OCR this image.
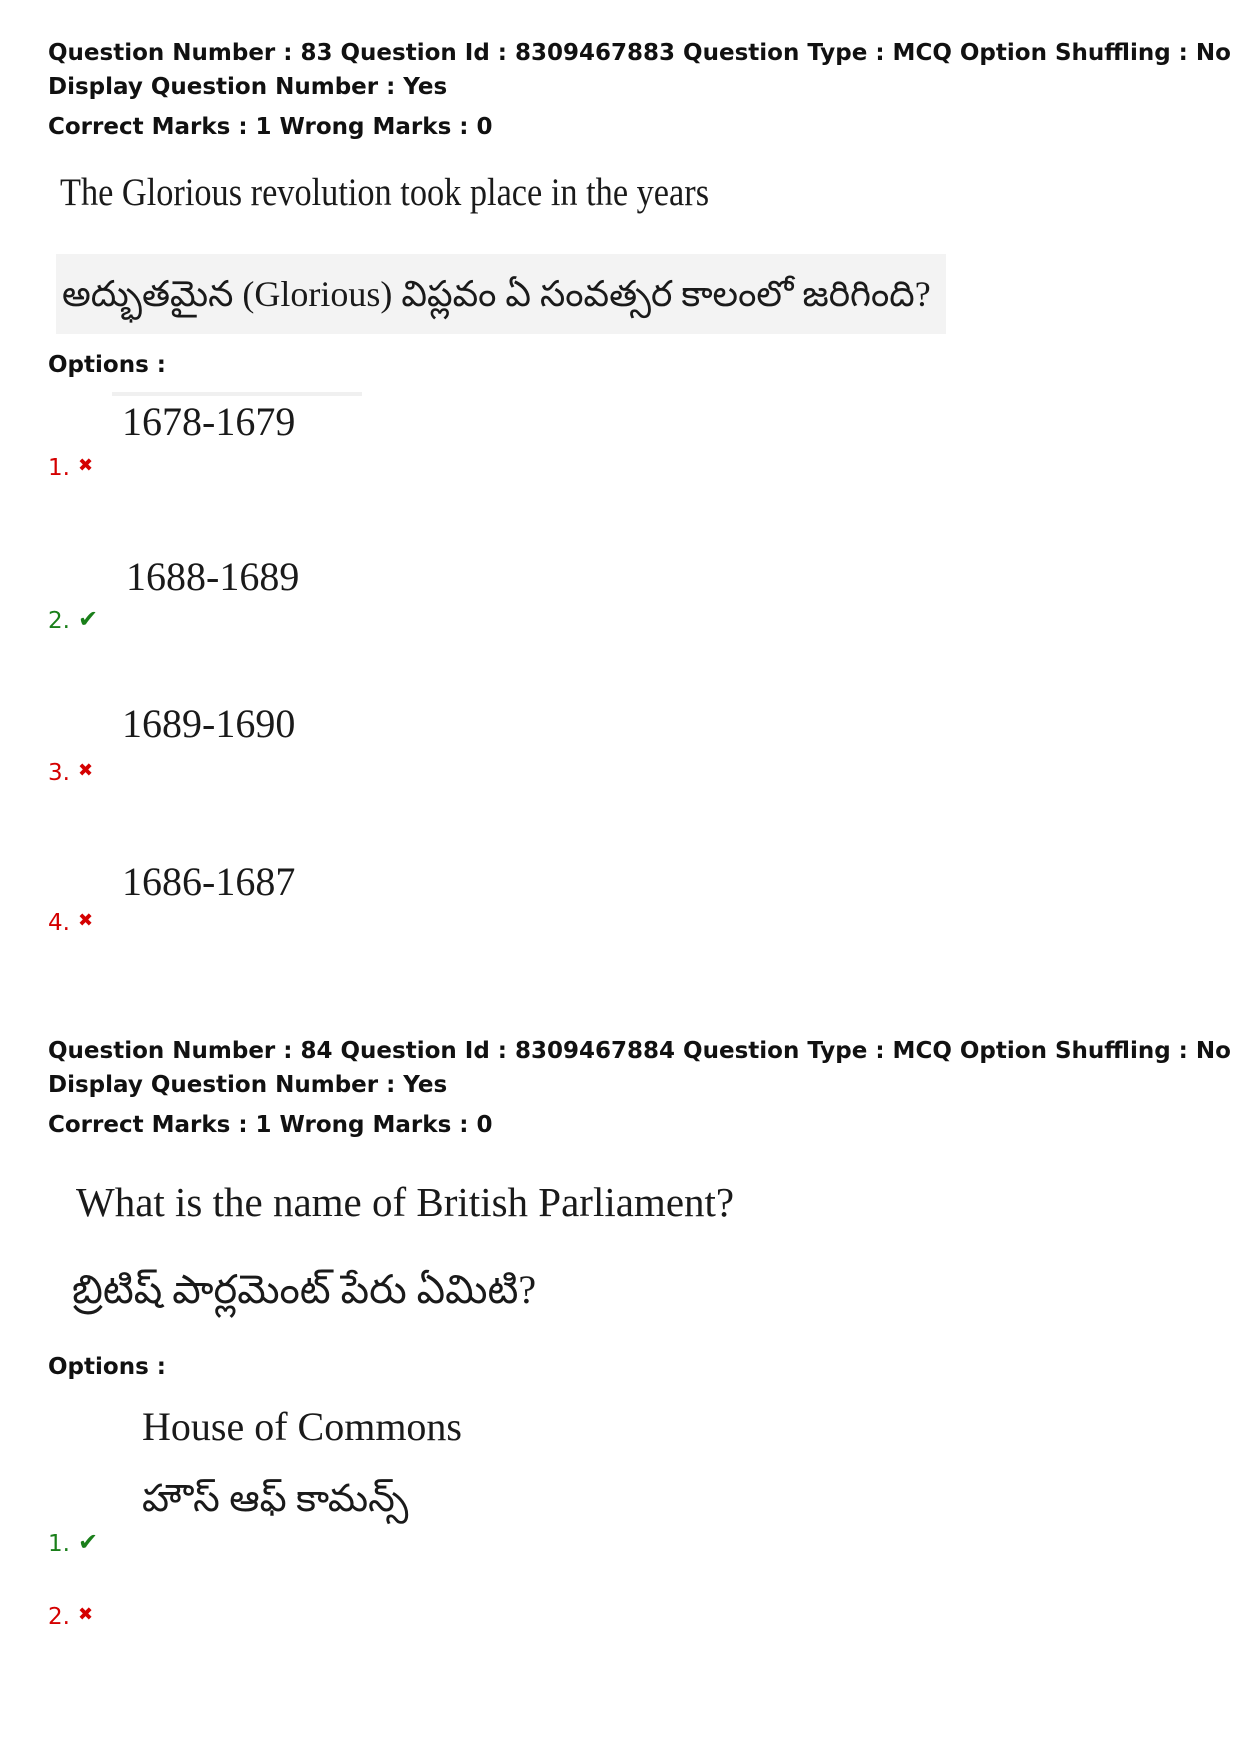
Question Number : 83 Question Id : 8309467883 Question Type : MCQ Option Shuffling : No
Display Question Number : Yes
Correct Marks : 1 Wrong Marks : 0
The Glorious revolution took place in the years
అద్భుతమైన (Glorious) విప్లవం ఏ సంవత్సర కాలంలో జరిగింది?
Options :
1678-1679
1. ✖
1688-1689
2. ✔
1689-1690
3. ✖
1686-1687
4. ✖
Question Number : 84 Question Id : 8309467884 Question Type : MCQ Option Shuffling : No
Display Question Number : Yes
Correct Marks : 1 Wrong Marks : 0
What is the name of British Parliament?
బ్రిటిష్ పార్లమెంట్ పేరు ఏమిటి?
Options :
House of Commons
హౌస్ ఆఫ్ కామన్స్
1. ✔
2. ✖
